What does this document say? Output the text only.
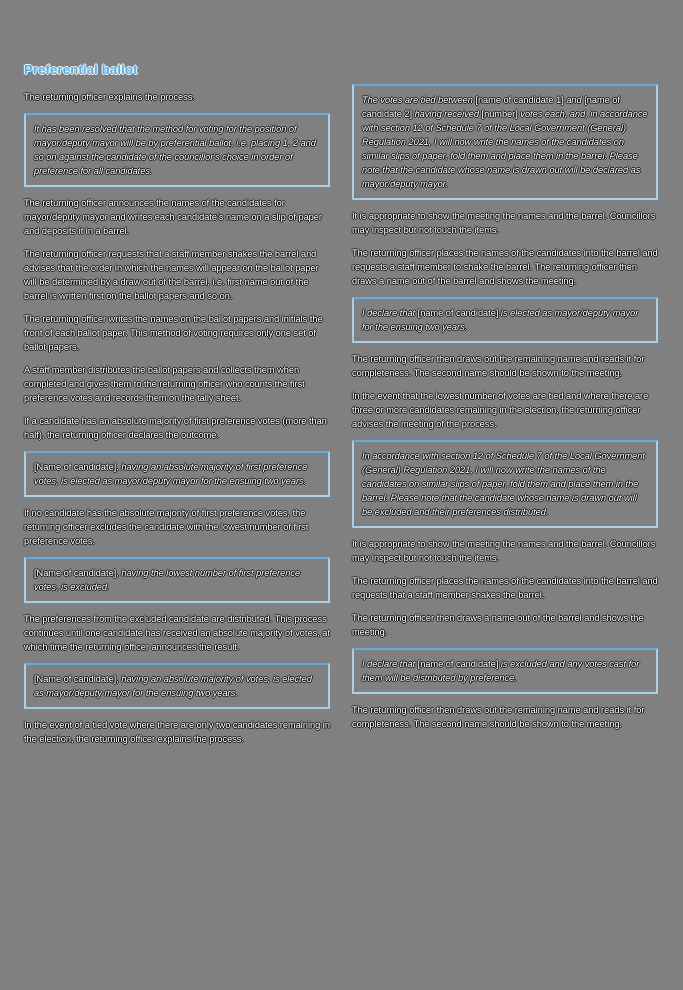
Preferential ballot

The returning officer explains the process.

It has been resolved that the method for voting for the position of mayor/deputy mayor will be by preferential ballot, i.e. placing 1, 2 and so on against the candidate of the councillor's choice in order of preference for all candidates.

The returning officer announces the names of the candidates for mayor/deputy mayor and writes each candidate's name on a slip of paper and deposits it in a barrel.

The returning officer requests that a staff member shakes the barrel and advises that the order in which the names will appear on the ballot paper will be determined by a draw out of the barrel, i.e. first name out of the barrel is written first on the ballot papers and so on.

The returning officer writes the names on the ballot papers and initials the front of each ballot paper. This method of voting requires only one set of ballot papers.

A staff member distributes the ballot papers and collects them when completed and gives them to the returning officer who counts the first preference votes and records them on the tally sheet.

If a candidate has an absolute majority of first preference votes (more than half), the returning officer declares the outcome.

[Name of candidate], having an absolute majority of first preference votes, is elected as mayor/deputy mayor for the ensuing two years.

If no candidate has the absolute majority of first preference votes, the returning officer excludes the candidate with the lowest number of first preference votes.

[Name of candidate], having the lowest number of first preference votes, is excluded.

The preferences from the excluded candidate are distributed. This process continues until one candidate has received an absolute majority of votes, at which time the returning officer announces the result.

[Name of candidate], having an absolute majority of votes, is elected as mayor/deputy mayor for the ensuing two years.

In the event of a tied vote where there are only two candidates remaining in the election, the returning officer explains the process.

The votes are tied between [name of candidate 1] and [name of candidate 2] having received [number] votes each, and, in accordance with section 12 of Schedule 7 of the Local Government (General) Regulation 2021, I will now write the names of the candidates on similar slips of paper, fold them and place them in the barrel. Please note that the candidate whose name is drawn out will be declared as mayor/deputy mayor.

It is appropriate to show the meeting the names and the barrel. Councillors may inspect but not touch the items.

The returning officer places the names of the candidates into the barrel and requests a staff member to shake the barrel. The returning officer then draws a name out of the barrel and shows the meeting.

I declare that [name of candidate] is elected as mayor/deputy mayor for the ensuing two years.

The returning officer then draws out the remaining name and reads it for completeness. The second name should be shown to the meeting.

In the event that the lowest number of votes are tied and where there are three or more candidates remaining in the election, the returning officer advises the meeting of the process.

In accordance with section 12 of Schedule 7 of the Local Government (General) Regulation 2021, I will now write the names of the candidates on similar slips of paper, fold them and place them in the barrel. Please note that the candidate whose name is drawn out will be excluded and their preferences distributed.

It is appropriate to show the meeting the names and the barrel. Councillors may inspect but not touch the items.

The returning officer places the names of the candidates into the barrel and requests that a staff member shakes the barrel.

The returning officer then draws a name out of the barrel and shows the meeting.

I declare that [name of candidate] is excluded and any votes cast for them will be distributed by preference.

The returning officer then draws out the remaining name and reads it for completeness. The second name should be shown to the meeting.
